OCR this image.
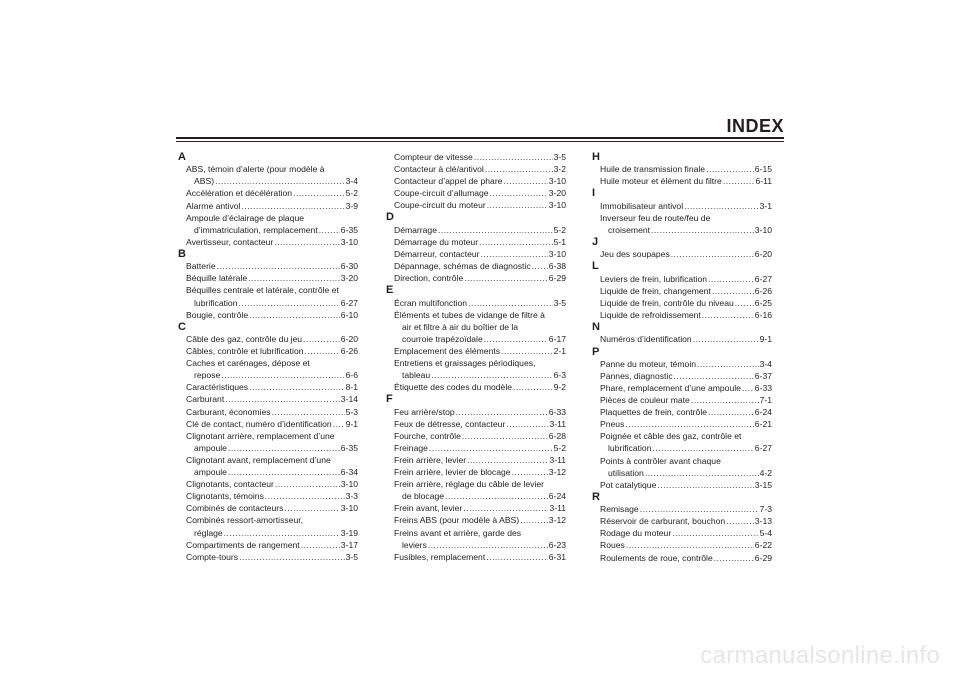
INDEX
A
ABS, témoin d’alerte (pour modèle à
ABS) .....	3-4
Accélération et décélération .....	5-2
Alarme antivol .....	3-9
Ampoule d’éclairage de plaque
d’immatriculation, remplacement .....	6-35
Avertisseur, contacteur .....	3-10
B
Batterie .....	6-30
Béquille latérale .....	3-20
Béquilles centrale et latérale, contrôle et
lubrification .....	6-27
Bougie, contrôle .....	6-10
C
Câble des gaz, contrôle du jeu .....	6-20
Câbles, contrôle et lubrification .....	6-26
Caches et carénages, dépose et
repose .....	6-6
Caractéristiques .....	8-1
Carburant .....	3-14
Carburant, économies .....	5-3
Clé de contact, numéro d’identification ..... 9-1
Clignotant arrière, remplacement d’une
ampoule .....	6-35
Clignotant avant, remplacement d’une
ampoule .....	6-34
Clignotants, contacteur .....	3-10
Clignotants, témoins .....	3-3
Combinés de contacteurs .....	3-10
Combinés ressort-amortisseur,
réglage .....	3-19
Compartiments de rangement .....	3-17
Compte-tours .....	3-5
Compteur de vitesse .....	3-5
Contacteur à clé/antivol .....	3-2
Contacteur d’appel de phare .....	3-10
Coupe-circuit d’allumage .....	3-20
Coupe-circuit du moteur .....	3-10
D
Démarrage .....	5-2
Démarrage du moteur .....	5-1
Démarreur, contacteur .....	3-10
Dépannage, schémas de diagnostic ..... 6-38
Direction, contrôle .....	6-29
E
Écran multifonction .....	3-5
Éléments et tubes de vidange de filtre à
air et filtre à air du boîtier de la
courroie trapézoïdale .....	6-17
Emplacement des éléments .....	2-1
Entretiens et graissages périodiques,
tableau .....	6-3
Étiquette des codes du modèle .....	9-2
F
Feu arrière/stop .....	6-33
Feux de détresse, contacteur .....	3-11
Fourche, contrôle .....	6-28
Freinage .....	5-2
Frein arrière, levier .....	3-11
Frein arrière, levier de blocage .....	3-12
Frein arrière, réglage du câble de levier
de blocage .....	6-24
Frein avant, levier .....	3-11
Freins ABS (pour modèle à ABS) .....	3-12
Freins avant et arrière, garde des
leviers .....	6-23
Fusibles, remplacement .....	6-31
H
Huile de transmission finale .....	6-15
Huile moteur et élément du filtre .....	6-11
I
Immobilisateur antivol .....	3-1
Inverseur feu de route/feu de
croisement .....	3-10
J
Jeu des soupapes .....	6-20
L
Leviers de frein, lubrification .....	6-27
Liquide de frein, changement .....	6-26
Liquide de frein, contrôle du niveau ..... 6-25
Liquide de refroidissement .....	6-16
N
Numéros d’identification .....	9-1
P
Panne du moteur, témoin .....	3-4
Pannes, diagnostic .....	6-37
Phare, remplacement d’une ampoule ..... 6-33
Pièces de couleur mate .....	7-1
Plaquettes de frein, contrôle .....	6-24
Pneus .....	6-21
Poignée et câble des gaz, contrôle et
lubrification .....	6-27
Points à contrôler avant chaque
utilisation .....	4-2
Pot catalytique .....	3-15
R
Remisage .....	7-3
Réservoir de carburant, bouchon .....	3-13
Rodage du moteur .....	5-4
Roues .....	6-22
Roulements de roue, contrôle .....	6-29
carmanualsonline.info
